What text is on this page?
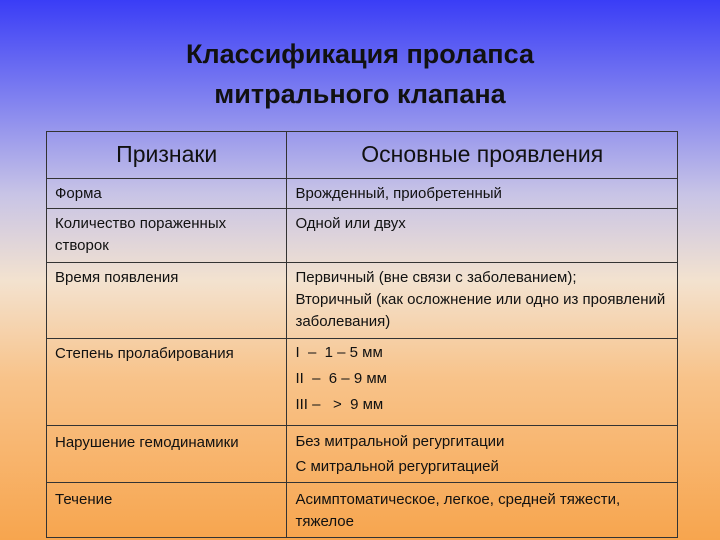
Классификация пролапса
митрального клапана
Признаки	Основные проявления
Форма	Врожденный, приобретенный

Количество пораженных створок	Одной или двух

Время появления	Первичный (вне связи с заболеванием);
Вторичный (как осложнение или одно из проявлений заболевания)

Степень пролабирования	I  –  1 – 5 мм
II  –  6 – 9 мм
III –   >  9 мм

Нарушение гемодинамики	Без митральной регургитации
С митральной регургитацией

Течение	Асимптоматическое, легкое, средней тяжести, тяжелое
